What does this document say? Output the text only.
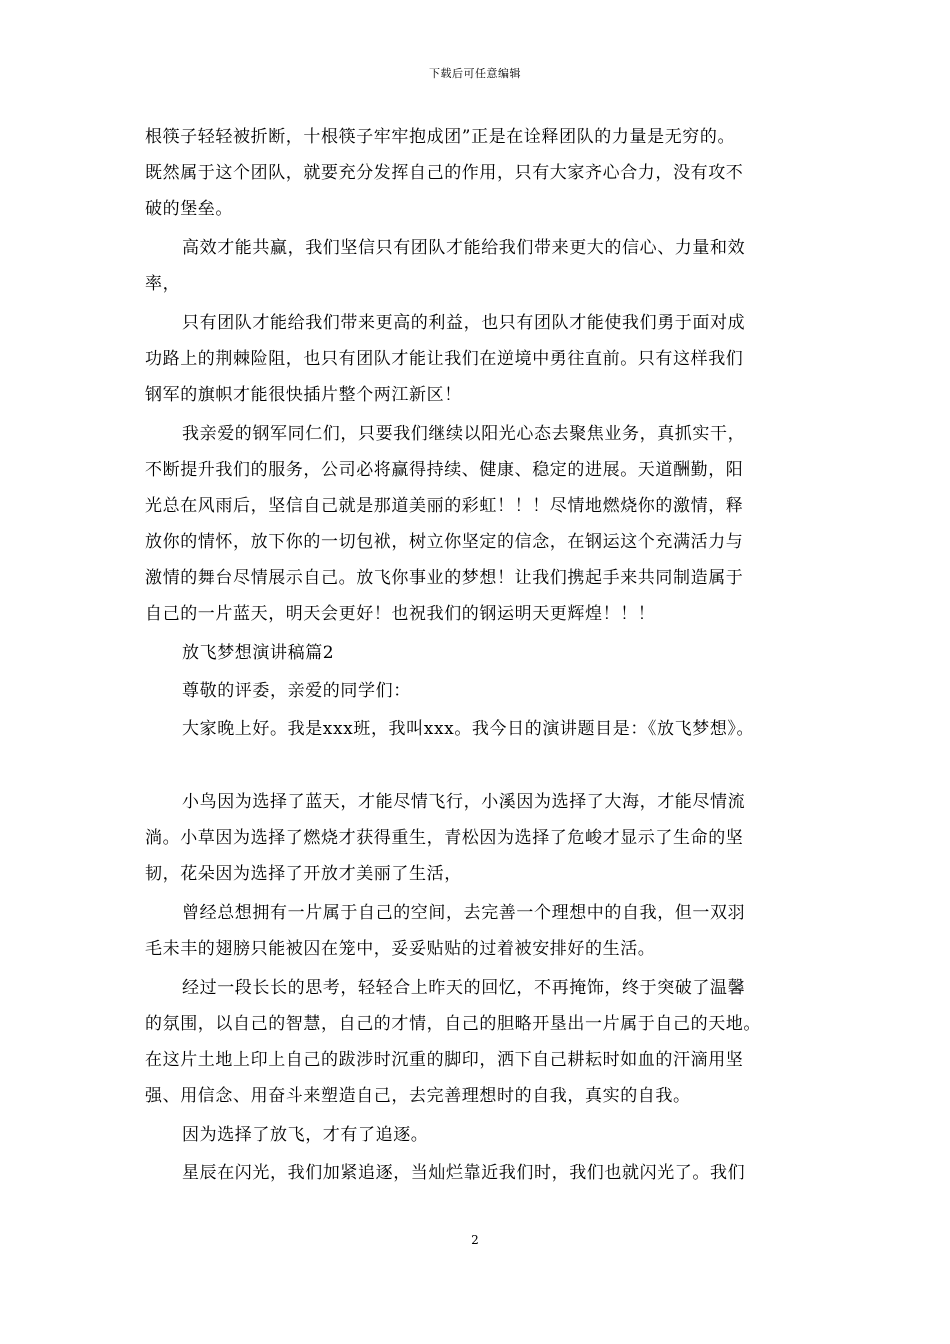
下载后可任意编辑
根筷子轻轻被折断，十根筷子牢牢抱成团”正是在诠释团队的力量是无穷的。
既然属于这个团队，就要充分发挥自己的作用，只有大家齐心合力，没有攻不
破的堡垒。
高效才能共赢，我们坚信只有团队才能给我们带来更大的信心、力量和效
率，
只有团队才能给我们带来更高的利益，也只有团队才能使我们勇于面对成
功路上的荆棘险阻，也只有团队才能让我们在逆境中勇往直前。只有这样我们
钢军的旗帜才能很快插片整个两江新区！
我亲爱的钢军同仁们，只要我们继续以阳光心态去聚焦业务，真抓实干，
不断提升我们的服务，公司必将赢得持续、健康、稳定的进展。天道酬勤，阳
光总在风雨后，坚信自己就是那道美丽的彩虹！！！尽情地燃烧你的激情，释
放你的情怀，放下你的一切包袱，树立你坚定的信念，在钢运这个充满活力与
激情的舞台尽情展示自己。放飞你事业的梦想！让我们携起手来共同制造属于
自己的一片蓝天，明天会更好！也祝我们的钢运明天更辉煌！！！
放飞梦想演讲稿篇2
尊敬的评委，亲爱的同学们：
大家晚上好。我是xxx班，我叫xxx。我今日的演讲题目是：《放飞梦想》。
小鸟因为选择了蓝天，才能尽情飞行，小溪因为选择了大海，才能尽情流
淌。小草因为选择了燃烧才获得重生，青松因为选择了危峻才显示了生命的坚
韧，花朵因为选择了开放才美丽了生活，
曾经总想拥有一片属于自己的空间，去完善一个理想中的自我，但一双羽
毛未丰的翅膀只能被囚在笼中，妥妥贴贴的过着被安排好的生活。
经过一段长长的思考，轻轻合上昨天的回忆，不再掩饰，终于突破了温馨
的氛围，以自己的智慧，自己的才情，自己的胆略开垦出一片属于自己的天地。
在这片土地上印上自己的跋涉时沉重的脚印，洒下自己耕耘时如血的汗滴用坚
强、用信念、用奋斗来塑造自己，去完善理想时的自我，真实的自我。
因为选择了放飞，才有了追逐。
星辰在闪光，我们加紧追逐，当灿烂靠近我们时，我们也就闪光了。我们
2
